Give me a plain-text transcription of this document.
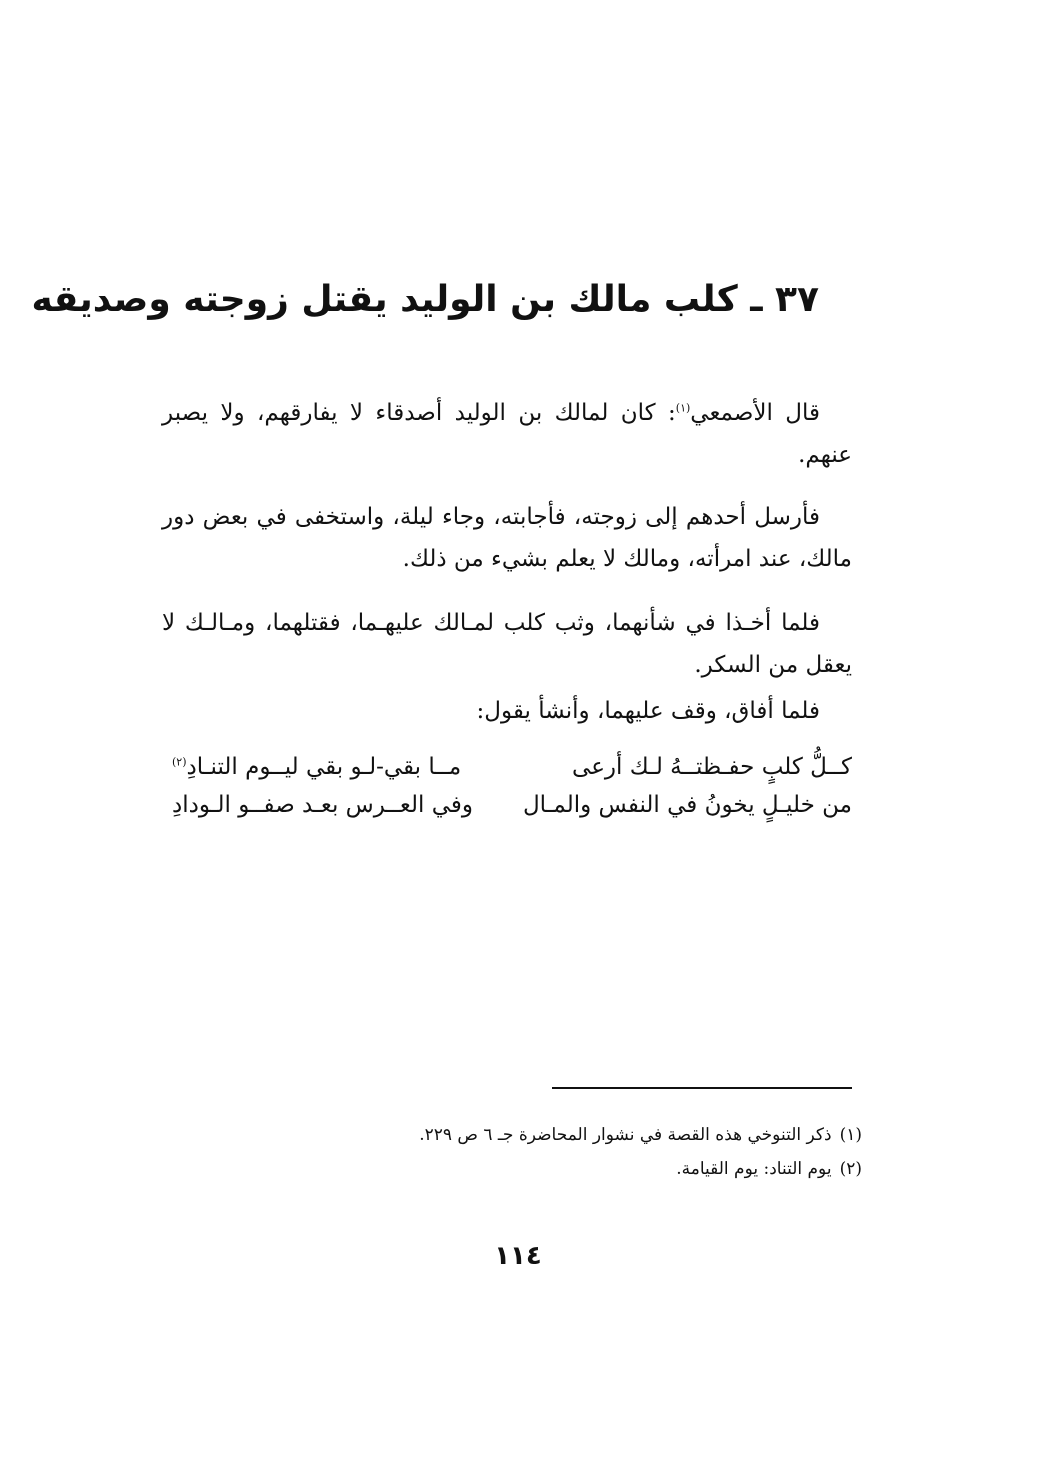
٣٧ ـ كلب مالك بن الوليد يقتل زوجته وصديقه

قال الأصمعي$^{(١)}$: كان لمالك بن الوليد أصدقاء لا يفارقهم، ولا يصبر عنهم.

فأرسل أحدهم إلى زوجته، فأجابته، وجاء ليلة، واستخفى في بعض دور مالك، عند امرأته، ومالك لا يعلم بشيء من ذلك.

فلما أخـذا في شأنهما، وثب كلب لمـالك عليهـما، فقتلهما، ومـالـك لا يعقل من السكر.

فلما أفاق، وقف عليهما، وأنشأ يقول:

كــلُّ كلبٍ حفـظتــهُ لـك أرعى
مــا بقي-لـو بقي ليــوم التنـادِ$^{(٢)}$
من خليـلٍ يخونُ في النفس والمـال
وفي العــرس بعـد صفــو الـودادِ
(١)ذكر التنوخي هذه القصة في نشوار المحاضرة جـ ٦ ص ٢٢٩.
(٢)يوم التناد: يوم القيامة.
١١٤
